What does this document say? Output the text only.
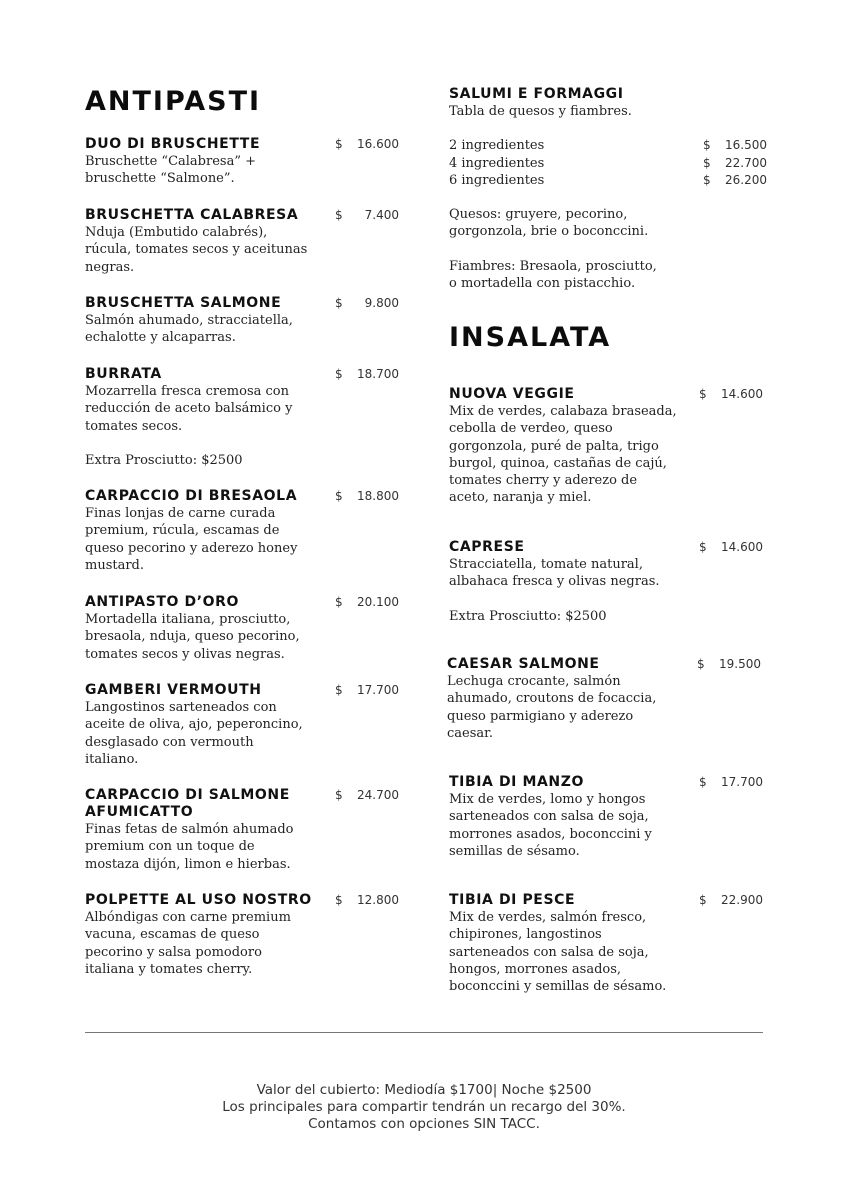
ANTIPASTI
DUO DI BRUSCHETTE	$ 16.600
Bruschette “Calabresa” +
bruschette “Salmone”.
BRUSCHETTA CALABRESA	$ 7.400
Nduja (Embutido calabrés),
rúcula, tomates secos y aceitunas
negras.
BRUSCHETTA SALMONE	$ 9.800
Salmón ahumado, stracciatella,
echalotte y alcaparras.
BURRATA	$ 18.700
Mozarrella fresca cremosa con
reducción de aceto balsámico y
tomates secos.
Extra Prosciutto: $2500
CARPACCIO DI BRESAOLA	$ 18.800
Finas lonjas de carne curada
premium, rúcula, escamas de
queso pecorino y aderezo honey
mustard.
ANTIPASTO D’ORO	$ 20.100
Mortadella italiana, prosciutto,
bresaola, nduja, queso pecorino,
tomates secos y olivas negras.
GAMBERI VERMOUTH	$ 17.700
Langostinos sarteneados con
aceite de oliva, ajo, peperoncino,
desglasado con vermouth
italiano.
CARPACCIO DI SALMONE AFUMICATTO
$ 24.700
Finas fetas de salmón ahumado
premium con un toque de
mostaza dijón, limon e hierbas.
POLPETTE AL USO NOSTRO	$ 12.800
Albóndigas con carne premium
vacuna, escamas de queso
pecorino y salsa pomodoro
italiana y tomates cherry.
SALUMI E FORMAGGI
Tabla de quesos y fiambres.
2 ingredientes	$ 16.500
4 ingredientes	$ 22.700
6 ingredientes	$ 26.200
Quesos: gruyere, pecorino,
gorgonzola, brie o boconccini.
Fiambres: Bresaola, prosciutto,
o mortadella con pistacchio.
INSALATA
NUOVA VEGGIE	$ 14.600
Mix de verdes, calabaza braseada,
cebolla de verdeo, queso
gorgonzola, puré de palta, trigo
burgol, quinoa, castañas de cajú,
tomates cherry y aderezo de
aceto, naranja y miel.
CAPRESE	$ 14.600
Stracciatella, tomate natural,
albahaca fresca y olivas negras.
Extra Prosciutto: $2500
CAESAR SALMONE	$ 19.500
Lechuga crocante, salmón
ahumado, croutons de focaccia,
queso parmigiano y aderezo
caesar.
TIBIA DI MANZO	$ 17.700
Mix de verdes, lomo y hongos
sarteneados con salsa de soja,
morrones asados, boconccini y
semillas de sésamo.
TIBIA DI PESCE	$ 22.900
Mix de verdes, salmón fresco,
chipirones, langostinos
sarteneados con salsa de soja,
hongos, morrones asados,
boconccini y semillas de sésamo.
Valor del cubierto: Mediodía $1700| Noche $2500
Los principales para compartir tendrán un recargo del 30%.
Contamos con opciones SIN TACC.
